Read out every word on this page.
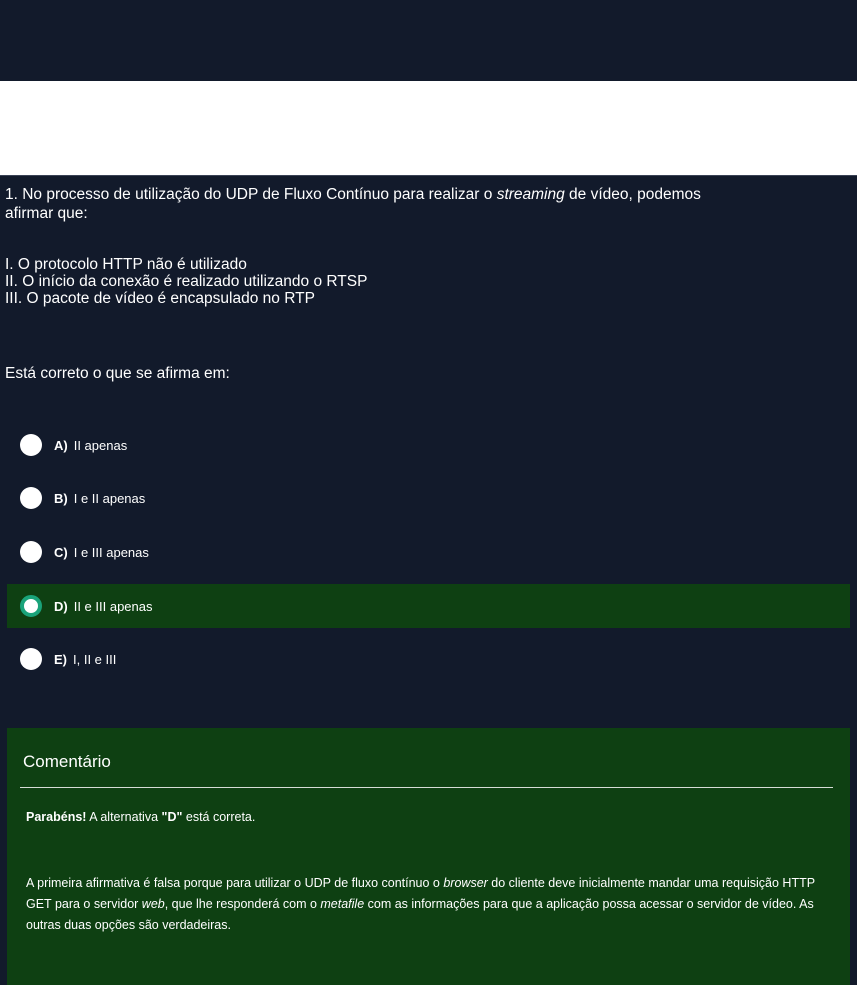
1. No processo de utilização do UDP de Fluxo Contínuo para realizar o streaming de vídeo, podemos
afirmar que:
I. O protocolo HTTP não é utilizado
II. O início da conexão é realizado utilizando o RTSP
III. O pacote de vídeo é encapsulado no RTP
Está correto o que se afirma em:
A) II apenas
B) I e II apenas
C) I e III apenas
D) II e III apenas
E) I, II e III
Comentário
Parabéns! A alternativa "D" está correta.
A primeira afirmativa é falsa porque para utilizar o UDP de fluxo contínuo o browser do cliente deve inicialmente mandar uma requisição HTTP GET para o servidor web, que lhe responderá com o metafile com as informações para que a aplicação possa acessar o servidor de vídeo. As outras duas opções são verdadeiras.
